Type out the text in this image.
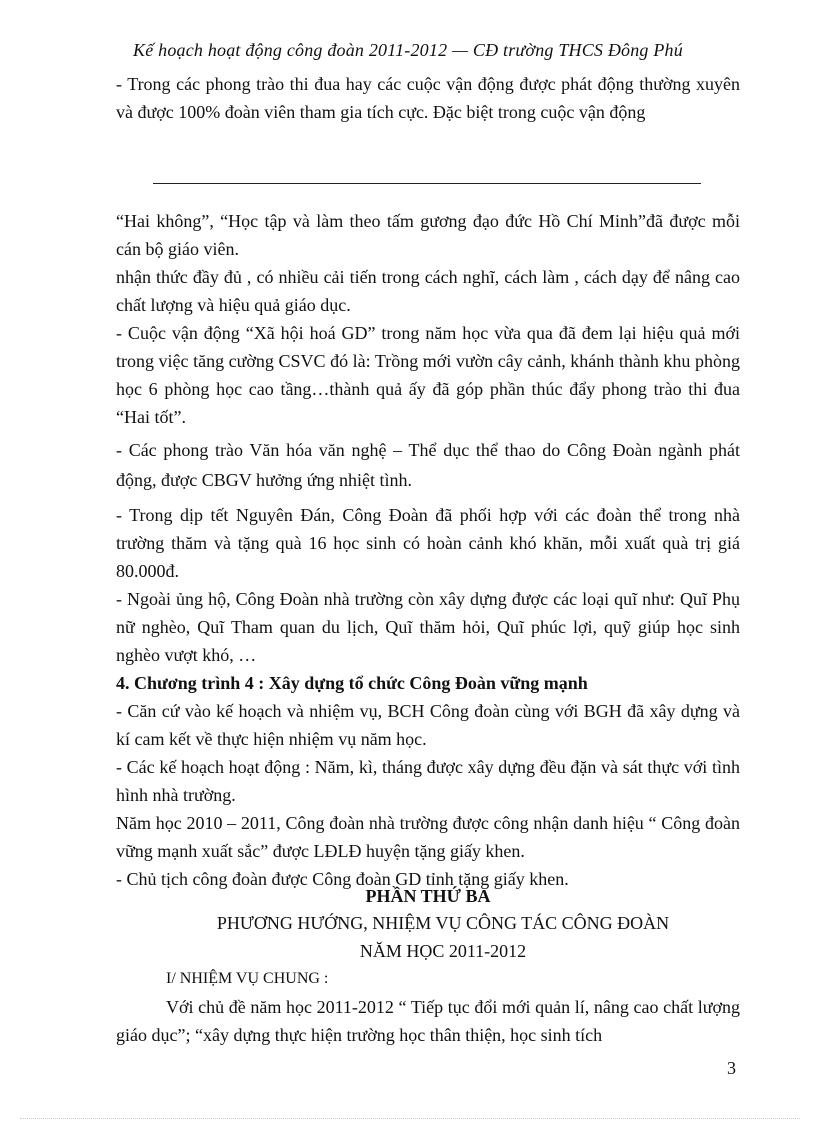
Kế hoạch hoạt động công đoàn 2011-2012 — CĐ trường THCS Đông Phú

- Trong các phong trào thi đua hay các cuộc vận động được phát động thường xuyên và được 100% đoàn viên tham gia tích cực. Đặc biệt trong cuộc vận động

“Hai không”, “Học tập và làm theo tấm gương đạo đức Hồ Chí Minh”đã được mỗi cán bộ giáo viên.

nhận thức đầy đủ , có nhiều cải tiến trong cách nghĩ, cách làm , cách dạy để nâng cao chất lượng và hiệu quả giáo dục.

- Cuộc vận động “Xã hội hoá GD” trong năm học vừa qua đã đem lại hiệu quả mới trong việc tăng cường CSVC đó là: Trồng mới vườn cây cảnh, khánh thành khu phòng học 6 phòng học cao tầng…thành quả ấy đã góp phần thúc đẩy phong trào thi đua “Hai tốt”.

- Các phong trào Văn hóa văn nghệ – Thể dục thể thao do Công Đoàn ngành phát động, được CBGV hưởng ứng nhiệt tình.

- Trong dịp tết Nguyên Đán, Công Đoàn đã phối hợp với các đoàn thể trong nhà trường thăm và tặng quà 16 học sinh có hoàn cảnh khó khăn, mỗi xuất quà trị giá 80.000đ.

- Ngoài ủng hộ, Công Đoàn nhà trường còn xây dựng được các loại quĩ như: Quĩ Phụ nữ nghèo, Quĩ Tham quan du lịch, Quĩ thăm hỏi, Quĩ phúc lợi, quỹ giúp học sinh nghèo vượt khó, …

4. Chương trình 4 : Xây dựng tổ chức Công Đoàn vững mạnh

- Căn cứ vào kế hoạch và nhiệm vụ, BCH Công đoàn cùng với BGH đã xây dựng và kí cam kết về thực hiện nhiệm vụ năm học.

- Các kế hoạch hoạt động : Năm, kì, tháng được xây dựng đều đặn và sát thực với tình hình nhà trường.

Năm học 2010 – 2011, Công đoàn nhà trường được công nhận danh hiệu “ Công đoàn vững mạnh xuất sắc” được LĐLĐ huyện tặng giấy khen.

- Chủ tịch công đoàn được Công đoàn GD tỉnh tặng giấy khen.

PHẦN THỨ BA

PHƯƠNG HƯỚNG, NHIỆM VỤ CÔNG TÁC CÔNG ĐOÀN

NĂM HỌC 2011-2012

I/ NHIỆM VỤ CHUNG :

Với chủ đề năm học 2011-2012 “ Tiếp tục đổi mới quản lí, nâng cao chất lượng giáo dục”; “xây dựng thực hiện trường học thân thiện, học sinh tích

3
